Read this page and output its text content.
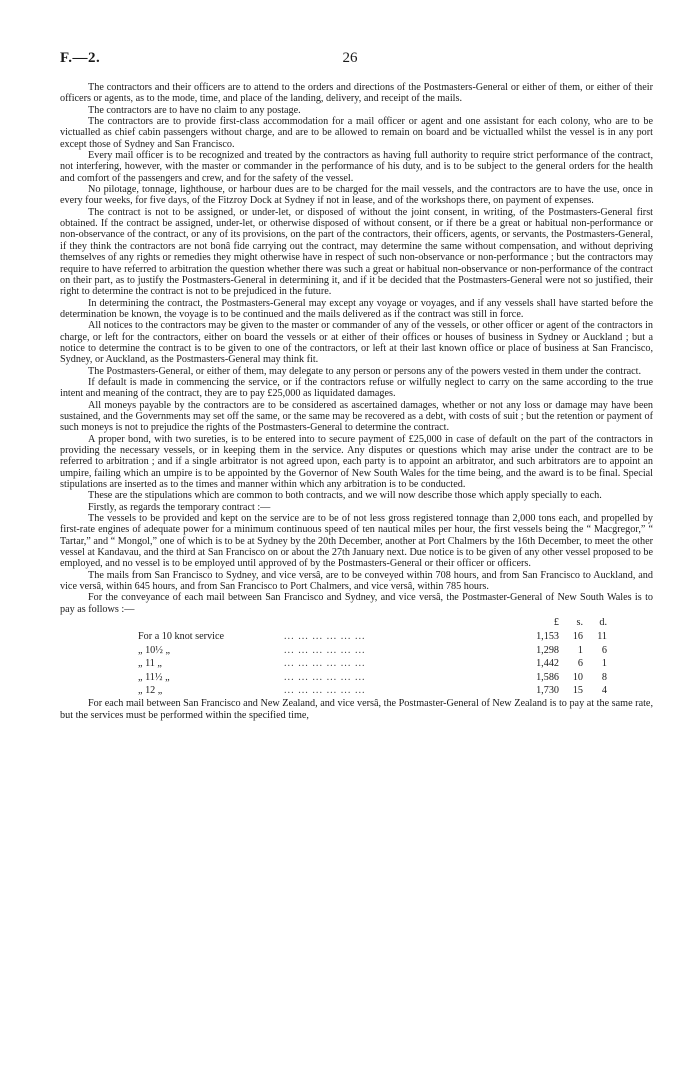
F.—2.	26

The contractors and their officers are to attend to the orders and directions of the Postmasters-General or either of them, or either of their officers or agents, as to the mode, time, and place of the landing, delivery, and receipt of the mails.

The contractors are to have no claim to any postage.

The contractors are to provide first-class accommodation for a mail officer or agent and one assistant for each colony, who are to be victualled as chief cabin passengers without charge, and are to be allowed to remain on board and be victualled whilst the vessel is in any port except those of Sydney and San Francisco.

Every mail officer is to be recognized and treated by the contractors as having full authority to require strict performance of the contract, not interfering, however, with the master or commander in the performance of his duty, and is to be subject to the general orders for the health and comfort of the passengers and crew, and for the safety of the vessel.

No pilotage, tonnage, lighthouse, or harbour dues are to be charged for the mail vessels, and the contractors are to have the use, once in every four weeks, for five days, of the Fitzroy Dock at Sydney if not in lease, and of the workshops there, on payment of expenses.

The contract is not to be assigned, or under-let, or disposed of without the joint consent, in writing, of the Postmasters-General first obtained. If the contract be assigned, under-let, or otherwise disposed of without consent, or if there be a great or habitual non-performance or non-observance of the contract, or any of its provisions, on the part of the contractors, their officers, agents, or servants, the Postmasters-General, if they think the contractors are not bonâ fide carrying out the contract, may determine the same without compensation, and without depriving themselves of any rights or remedies they might otherwise have in respect of such non-observance or non-performance ; but the contractors may require to have referred to arbitration the question whether there was such a great or habitual non-observance or non-performance of the contract on their part, as to justify the Postmasters-General in determining it, and if it be decided that the Postmasters-General were not so justified, their right to determine the contract is not to be prejudiced in the future.

In determining the contract, the Postmasters-General may except any voyage or voyages, and if any vessels shall have started before the determination be known, the voyage is to be continued and the mails delivered as if the contract was still in force.

All notices to the contractors may be given to the master or commander of any of the vessels, or other officer or agent of the contractors in charge, or left for the contractors, either on board the vessels or at either of their offices or houses of business in Sydney or Auckland ; but a notice to determine the contract is to be given to one of the contractors, or left at their last known office or place of business at San Francisco, Sydney, or Auckland, as the Postmasters-General may think fit.

The Postmasters-General, or either of them, may delegate to any person or persons any of the powers vested in them under the contract.

If default is made in commencing the service, or if the contractors refuse or wilfully neglect to carry on the same according to the true intent and meaning of the contract, they are to pay £25,000 as liquidated damages.

All moneys payable by the contractors are to be considered as ascertained damages, whether or not any loss or damage may have been sustained, and the Governments may set off the same, or the same may be recovered as a debt, with costs of suit ; but the retention or payment of such moneys is not to prejudice the rights of the Postmasters-General to determine the contract.

A proper bond, with two sureties, is to be entered into to secure payment of £25,000 in case of default on the part of the contractors in providing the necessary vessels, or in keeping them in the service. Any disputes or questions which may arise under the contract are to be referred to arbitration ; and if a single arbitrator is not agreed upon, each party is to appoint an arbitrator, and such arbitrators are to appoint an umpire, failing which an umpire is to be appointed by the Governor of New South Wales for the time being, and the award is to be final. Special stipulations are inserted as to the times and manner within which any arbitration is to be conducted.

These are the stipulations which are common to both contracts, and we will now describe those which apply specially to each.

Firstly, as regards the temporary contract :—

The vessels to be provided and kept on the service are to be of not less gross registered tonnage than 2,000 tons each, and propelled by first-rate engines of adequate power for a minimum continuous speed of ten nautical miles per hour, the first vessels being the “ Macgregor,” “ Tartar,” and “ Mongol,” one of which is to be at Sydney by the 20th December, another at Port Chalmers by the 16th December, to meet the other vessel at Kandavau, and the third at San Francisco on or about the 27th January next. Due notice is to be given of any other vessel proposed to be employed, and no vessel is to be employed until approved of by the Postmasters-General or their officer or officers.

The mails from San Francisco to Sydney, and vice versâ, are to be conveyed within 708 hours, and from San Francisco to Auckland, and vice versâ, within 645 hours, and from San Francisco to Port Chalmers, and vice versâ, within 785 hours.

For the conveyance of each mail between San Francisco and Sydney, and vice versâ, the Postmaster-General of New South Wales is to pay as follows :—

£	s.	d.
For a 10 knot service	... ... ... ... ... ...	1,153	16	11
„ 10½ „	... ... ... ... ... ...	1,298	1	6
„ 11 „	... ... ... ... ... ...	1,442	6	1
„ 11½ „	... ... ... ... ... ...	1,586	10	8
„ 12 „	... ... ... ... ... ...	1,730	15	4

For each mail between San Francisco and New Zealand, and vice versâ, the Postmaster-General of New Zealand is to pay at the same rate, but the services must be performed within the specified time,
